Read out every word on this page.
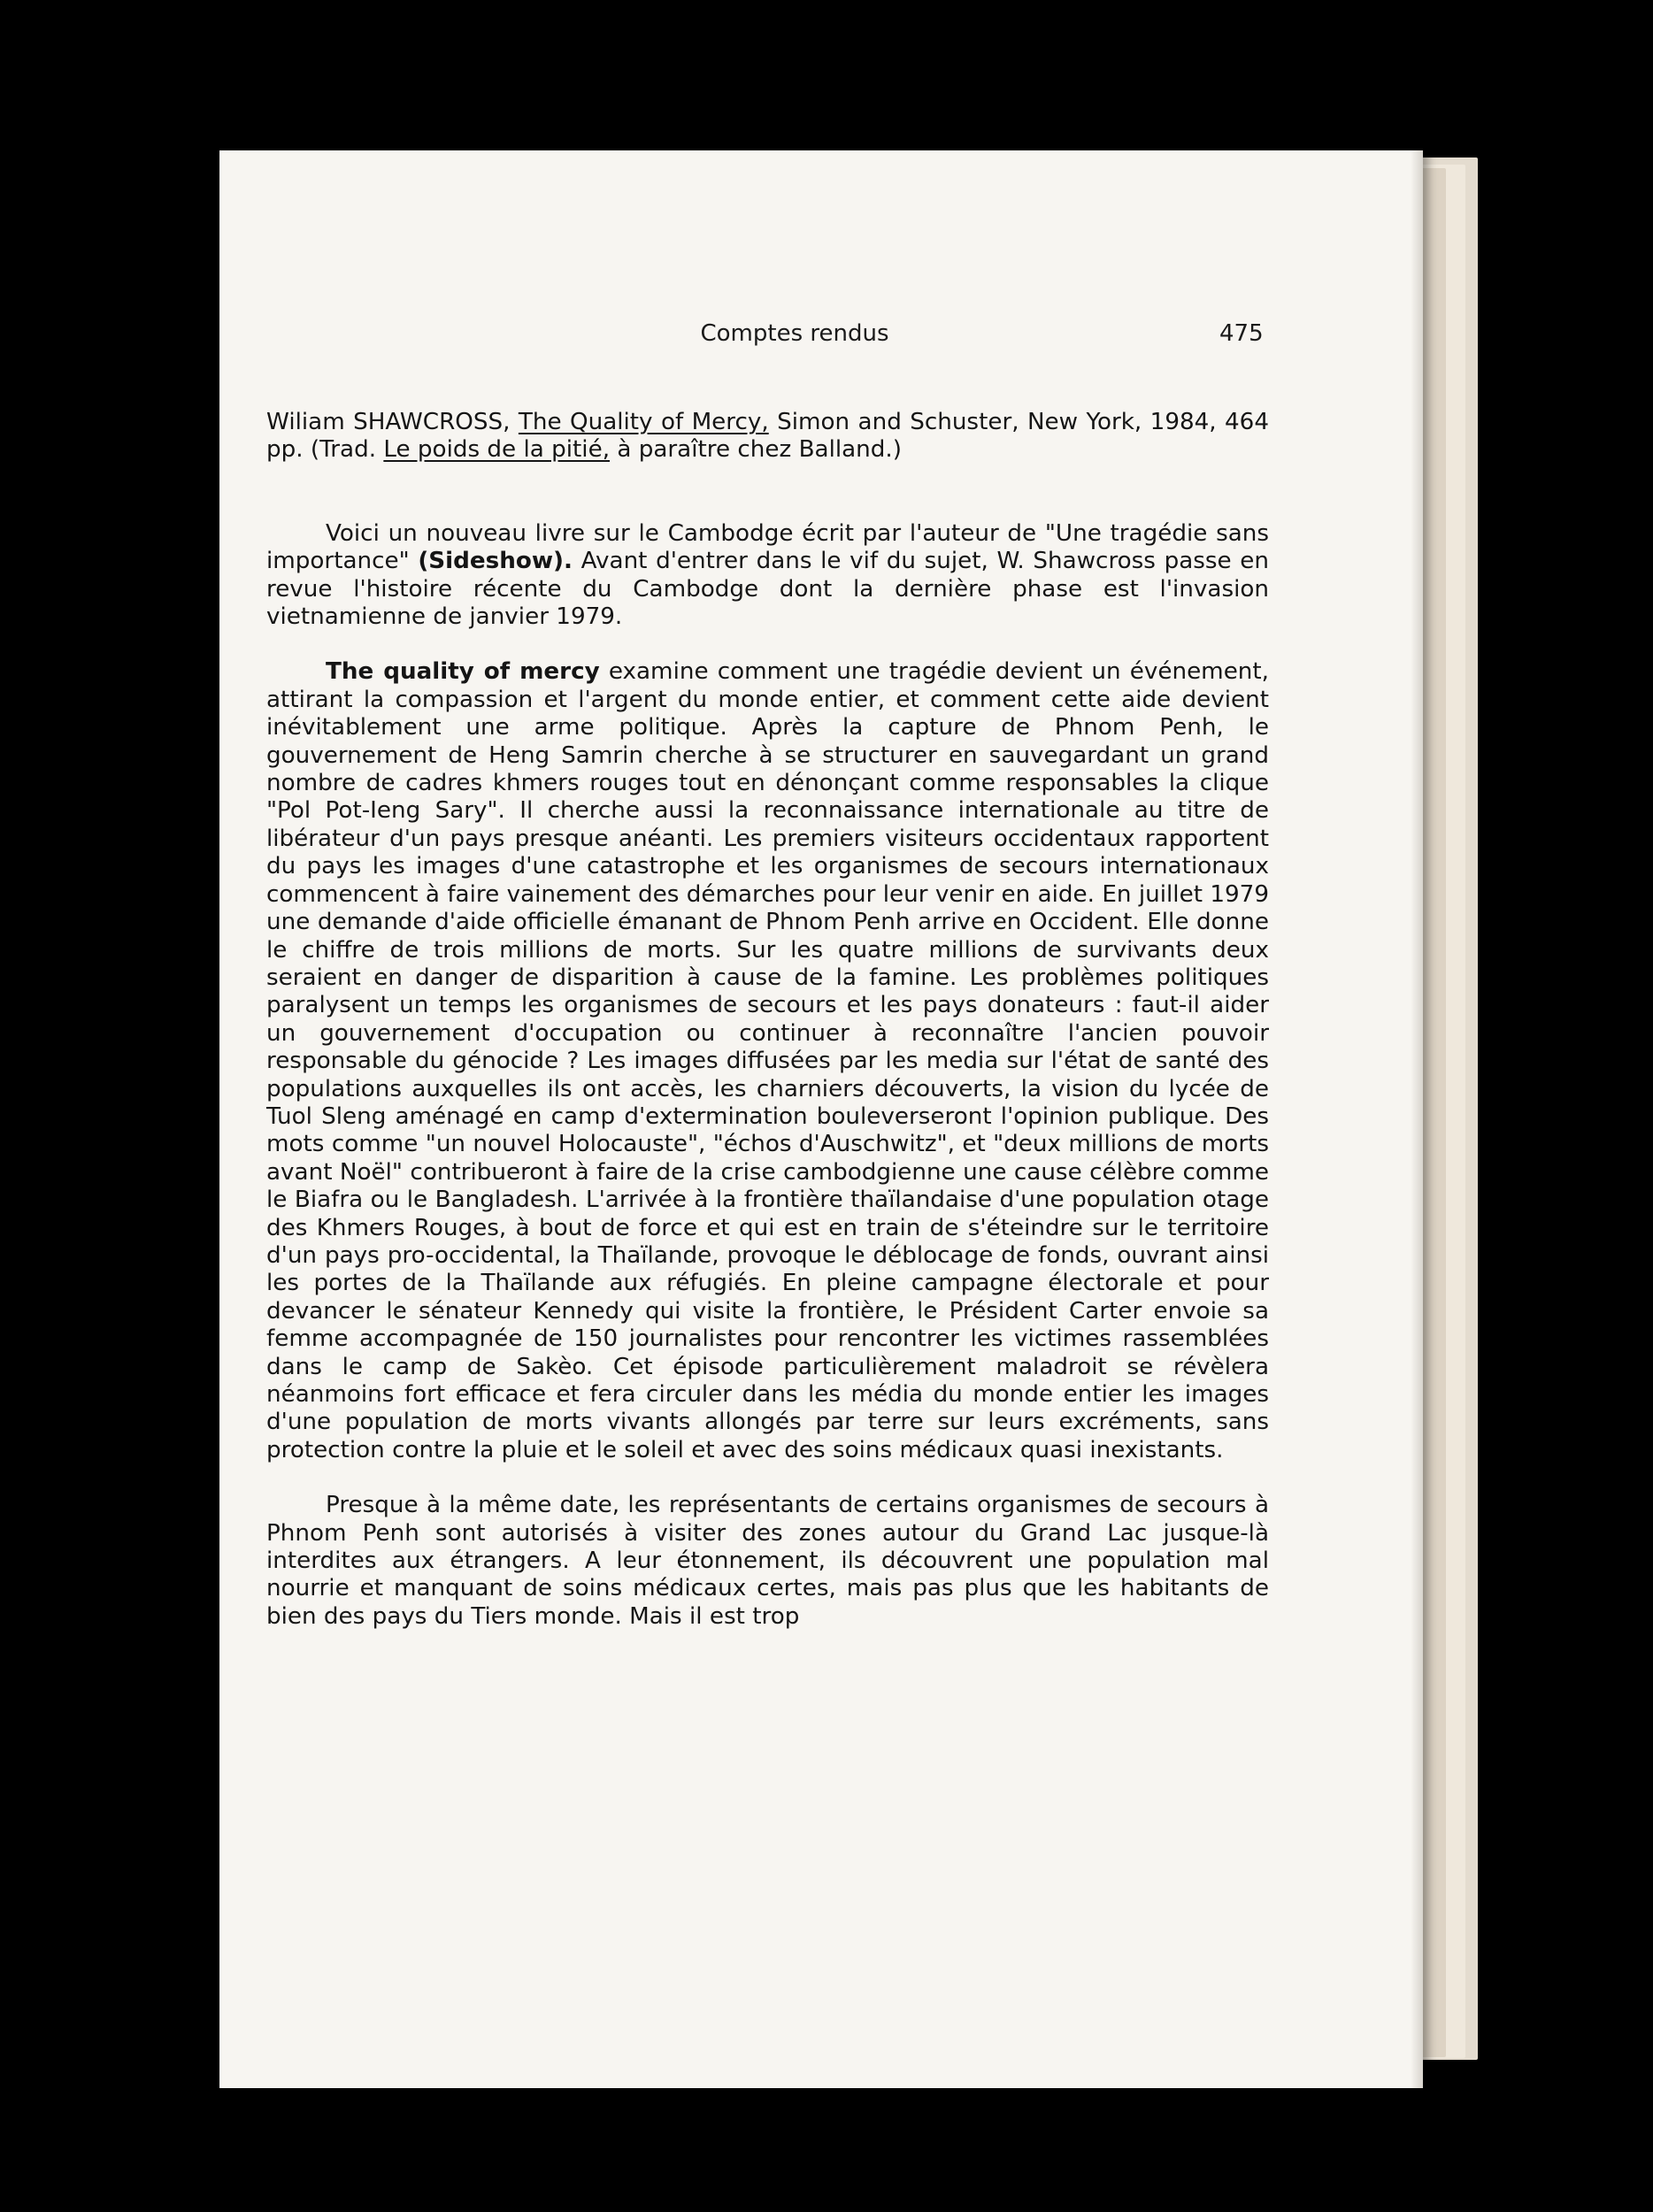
Comptes rendus	475

Wiliam SHAWCROSS, The Quality of Mercy, Simon and Schuster, New York, 1984, 464 pp. (Trad. Le poids de la pitié, à paraître chez Balland.)

Voici un nouveau livre sur le Cambodge écrit par l'auteur de "Une tragédie sans importance" (Sideshow). Avant d'entrer dans le vif du sujet, W. Shawcross passe en revue l'histoire récente du Cambodge dont la dernière phase est l'invasion vietnamienne de janvier 1979.

The quality of mercy examine comment une tragédie devient un événement, attirant la compassion et l'argent du monde entier, et comment cette aide devient inévitablement une arme politique. Après la capture de Phnom Penh, le gouvernement de Heng Samrin cherche à se structurer en sauvegardant un grand nombre de cadres khmers rouges tout en dénonçant comme responsables la clique "Pol Pot-Ieng Sary". Il cherche aussi la reconnaissance internationale au titre de libérateur d'un pays presque anéanti. Les premiers visiteurs occidentaux rapportent du pays les images d'une catastrophe et les organismes de secours internationaux commencent à faire vainement des démarches pour leur venir en aide. En juillet 1979 une demande d'aide officielle émanant de Phnom Penh arrive en Occident. Elle donne le chiffre de trois millions de morts. Sur les quatre millions de survivants deux seraient en danger de disparition à cause de la famine. Les problèmes politiques paralysent un temps les organismes de secours et les pays donateurs : faut-il aider un gouvernement d'occupation ou continuer à reconnaître l'ancien pouvoir responsable du génocide ? Les images diffusées par les media sur l'état de santé des populations auxquelles ils ont accès, les charniers découverts, la vision du lycée de Tuol Sleng aménagé en camp d'extermination bouleverseront l'opinion publique. Des mots comme "un nouvel Holocauste", "échos d'Auschwitz", et "deux millions de morts avant Noël" contribueront à faire de la crise cambodgienne une cause célèbre comme le Biafra ou le Bangladesh. L'arrivée à la frontière thaïlandaise d'une population otage des Khmers Rouges, à bout de force et qui est en train de s'éteindre sur le territoire d'un pays pro-occidental, la Thaïlande, provoque le déblocage de fonds, ouvrant ainsi les portes de la Thaïlande aux réfugiés. En pleine campagne électorale et pour devancer le sénateur Kennedy qui visite la frontière, le Président Carter envoie sa femme accompagnée de 150 journalistes pour rencontrer les victimes rassemblées dans le camp de Sakèo. Cet épisode particulièrement maladroit se révèlera néanmoins fort efficace et fera circuler dans les média du monde entier les images d'une population de morts vivants allongés par terre sur leurs excréments, sans protection contre la pluie et le soleil et avec des soins médicaux quasi inexistants.

Presque à la même date, les représentants de certains organismes de secours à Phnom Penh sont autorisés à visiter des zones autour du Grand Lac jusque-là interdites aux étrangers. A leur étonnement, ils découvrent une population mal nourrie et manquant de soins médicaux certes, mais pas plus que les habitants de bien des pays du Tiers monde. Mais il est trop
